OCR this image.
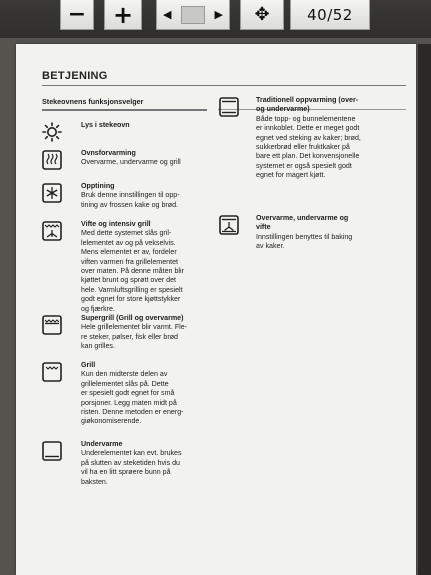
−	+	◀	▶	✥	40/52
BETJENING
Stekeovnens funksjonsvelger
Lys i stekeovn
Ovnsforvarming
Overvarme, undervarme og grill
Opptining
Bruk denne innstillingen til opp-
tining av frossen kake og brød.
Vifte og intensiv grill
Med dette systemet slås gril-
lelementet av og på vekselvis.
Mens elementet er av, fordeler
viften varmen fra grillelementet
over maten. På denne måten blir
kjøttet brunt og sprøtt over det
hele. Varmluftsgrilling er spesielt
godt egnet for store kjøttstykker
og fjærkre.
Supergrill (Grill og overvarme)
Hele grillelementet blir varmt. Fle-
re steker, pølser, fisk eller brød
kan grilles.
Grill
Kun den midterste delen av
grillelementet slås på. Dette
er spesielt godt egnet for små
porsjoner. Legg maten midt på
risten. Denne metoden er energ-
giøkonomiserende.
Undervarme
Underelementet kan evt. brukes
på slutten av steketiden hvis du
vil ha en litt sprøere bunn på
baksten.
Traditionell oppvarming (over-
og undervarme)
Både topp- og bunnelementene
er innkoblet. Dette er meget godt
egnet ved steking av kaker; brød,
sukkerbrød eller fruktkaker på
bare ett plan. Det konvensjonelle
systemet er også spesielt godt
egnet for magert kjøtt.
Overvarme, undervarme og
vifte
Innstillingen benyttes til baking
av kaker.
